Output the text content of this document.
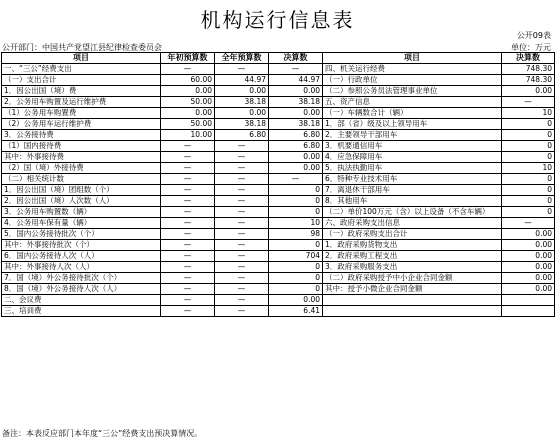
机构运行信息表
公开09表
公开部门：中国共产党望江县纪律检查委员会	单位：万元
项目	年初预算数	全年预算数	决算数	项目	决算数
一、“三公”经费支出	—	—	—	四、机关运行经费	748.30
（一）支出合计	60.00	44.97	44.97	（一）行政单位	748.30
1．因公出国（境）费	0.00	0.00	0.00	（二）参照公务员法管理事业单位	0.00
2．公务用车购置及运行维护费	50.00	38.18	38.18	五、资产信息	—
（1）公务用车购置费	0.00	0.00	0.00	（一）车辆数合计（辆）	10
（2）公务用车运行维护费	50.00	38.18	38.18	1．部（省）级及以上领导用车	0
3．公务接待费	10.00	6.80	6.80	2．主要领导干部用车	0
（1）国内接待费	—	—	6.80	3．机要通信用车	0
其中：外事接待费	—	—	0.00	4．应急保障用车	0
（2）国（境）外接待费	—	—	0.00	5．执法执勤用车	10
（二）相关统计数	—	—	—	6．特种专业技术用车	0
1．因公出国（境）团组数（个）	—	—	0	7．离退休干部用车	0
2．因公出国（境）人次数（人）	—	—	0	8．其他用车	0
3．公务用车购置数（辆）	—	—	0	（二）单价100万元（含）以上设备（不含车辆）	0
4．公务用车保有量（辆）	—	—	10	六、政府采购支出信息	—
5．国内公务接待批次（个）	—	—	98	（一）政府采购支出合计	0.00
其中：外事接待批次（个）	—	—	0	1．政府采购货物支出	0.00
6．国内公务接待人次（人）	—	—	704	2．政府采购工程支出	0.00
其中：外事接待人次（人）	—	—	0	3．政府采购服务支出	0.00
7．国（境）外公务接待批次（个）	—	—	0	（二）政府采购授予中小企业合同金额	0.00
8．国（境）外公务接待人次（人）	—	—	0	其中：授予小微企业合同金额	0.00
二、会议费	—	—	0.00		
三、培训费	—	—	6.41		
备注：本表反应部门本年度“三公”经费支出预决算情况。
